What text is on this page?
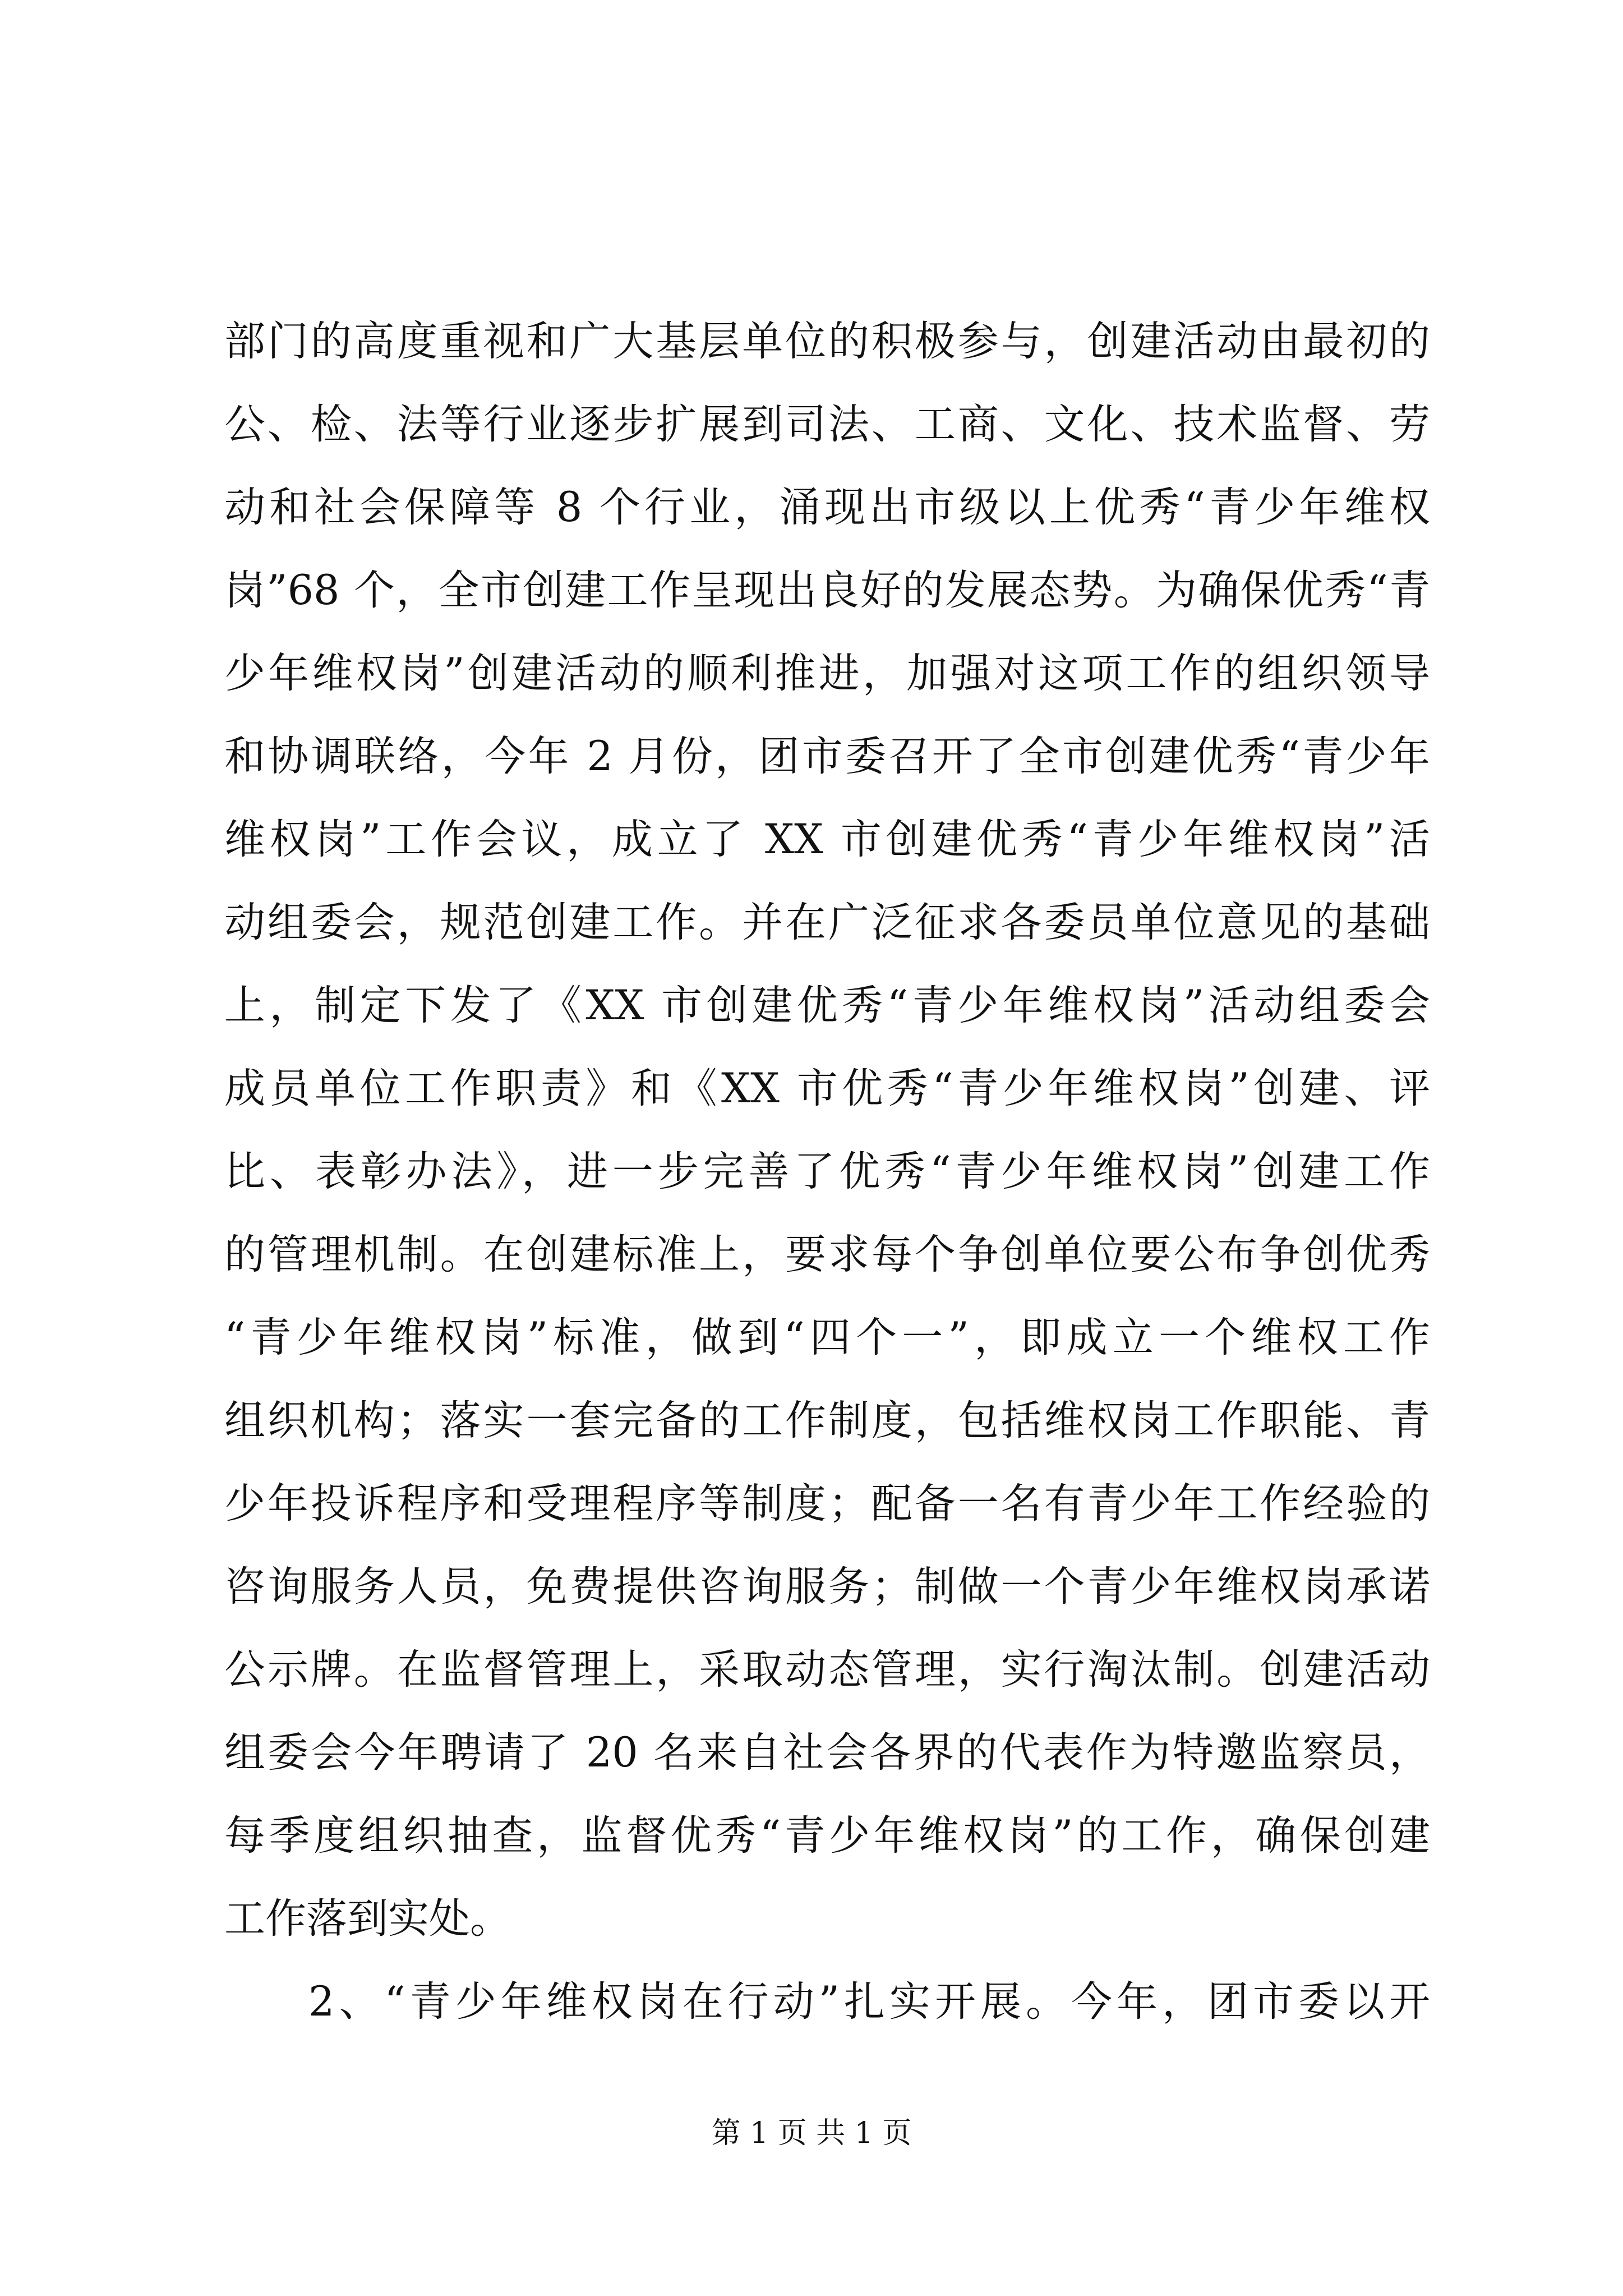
部门的高度重视和广大基层单位的积极参与，创建活动由最初的
公、检、法等行业逐步扩展到司法、工商、文化、技术监督、劳
动和社会保障等 8 个行业，涌现出市级以上优秀“青少年维权
岗”68 个，全市创建工作呈现出良好的发展态势。为确保优秀“青
少年维权岗”创建活动的顺利推进，加强对这项工作的组织领导
和协调联络，今年 2 月份，团市委召开了全市创建优秀“青少年
维权岗”工作会议，成立了 XX 市创建优秀“青少年维权岗”活
动组委会，规范创建工作。并在广泛征求各委员单位意见的基础
上，制定下发了《XX 市创建优秀“青少年维权岗”活动组委会
成员单位工作职责》和《XX 市优秀“青少年维权岗”创建、评
比、表彰办法》，进一步完善了优秀“青少年维权岗”创建工作
的管理机制。在创建标准上，要求每个争创单位要公布争创优秀
“青少年维权岗”标准，做到“四个一”，即成立一个维权工作
组织机构；落实一套完备的工作制度，包括维权岗工作职能、青
少年投诉程序和受理程序等制度；配备一名有青少年工作经验的
咨询服务人员，免费提供咨询服务；制做一个青少年维权岗承诺
公示牌。在监督管理上，采取动态管理，实行淘汰制。创建活动
组委会今年聘请了 20 名来自社会各界的代表作为特邀监察员，
每季度组织抽查，监督优秀“青少年维权岗”的工作，确保创建
工作落到实处。
2、“青少年维权岗在行动”扎实开展。今年，团市委以开
第 1 页 共 1 页
